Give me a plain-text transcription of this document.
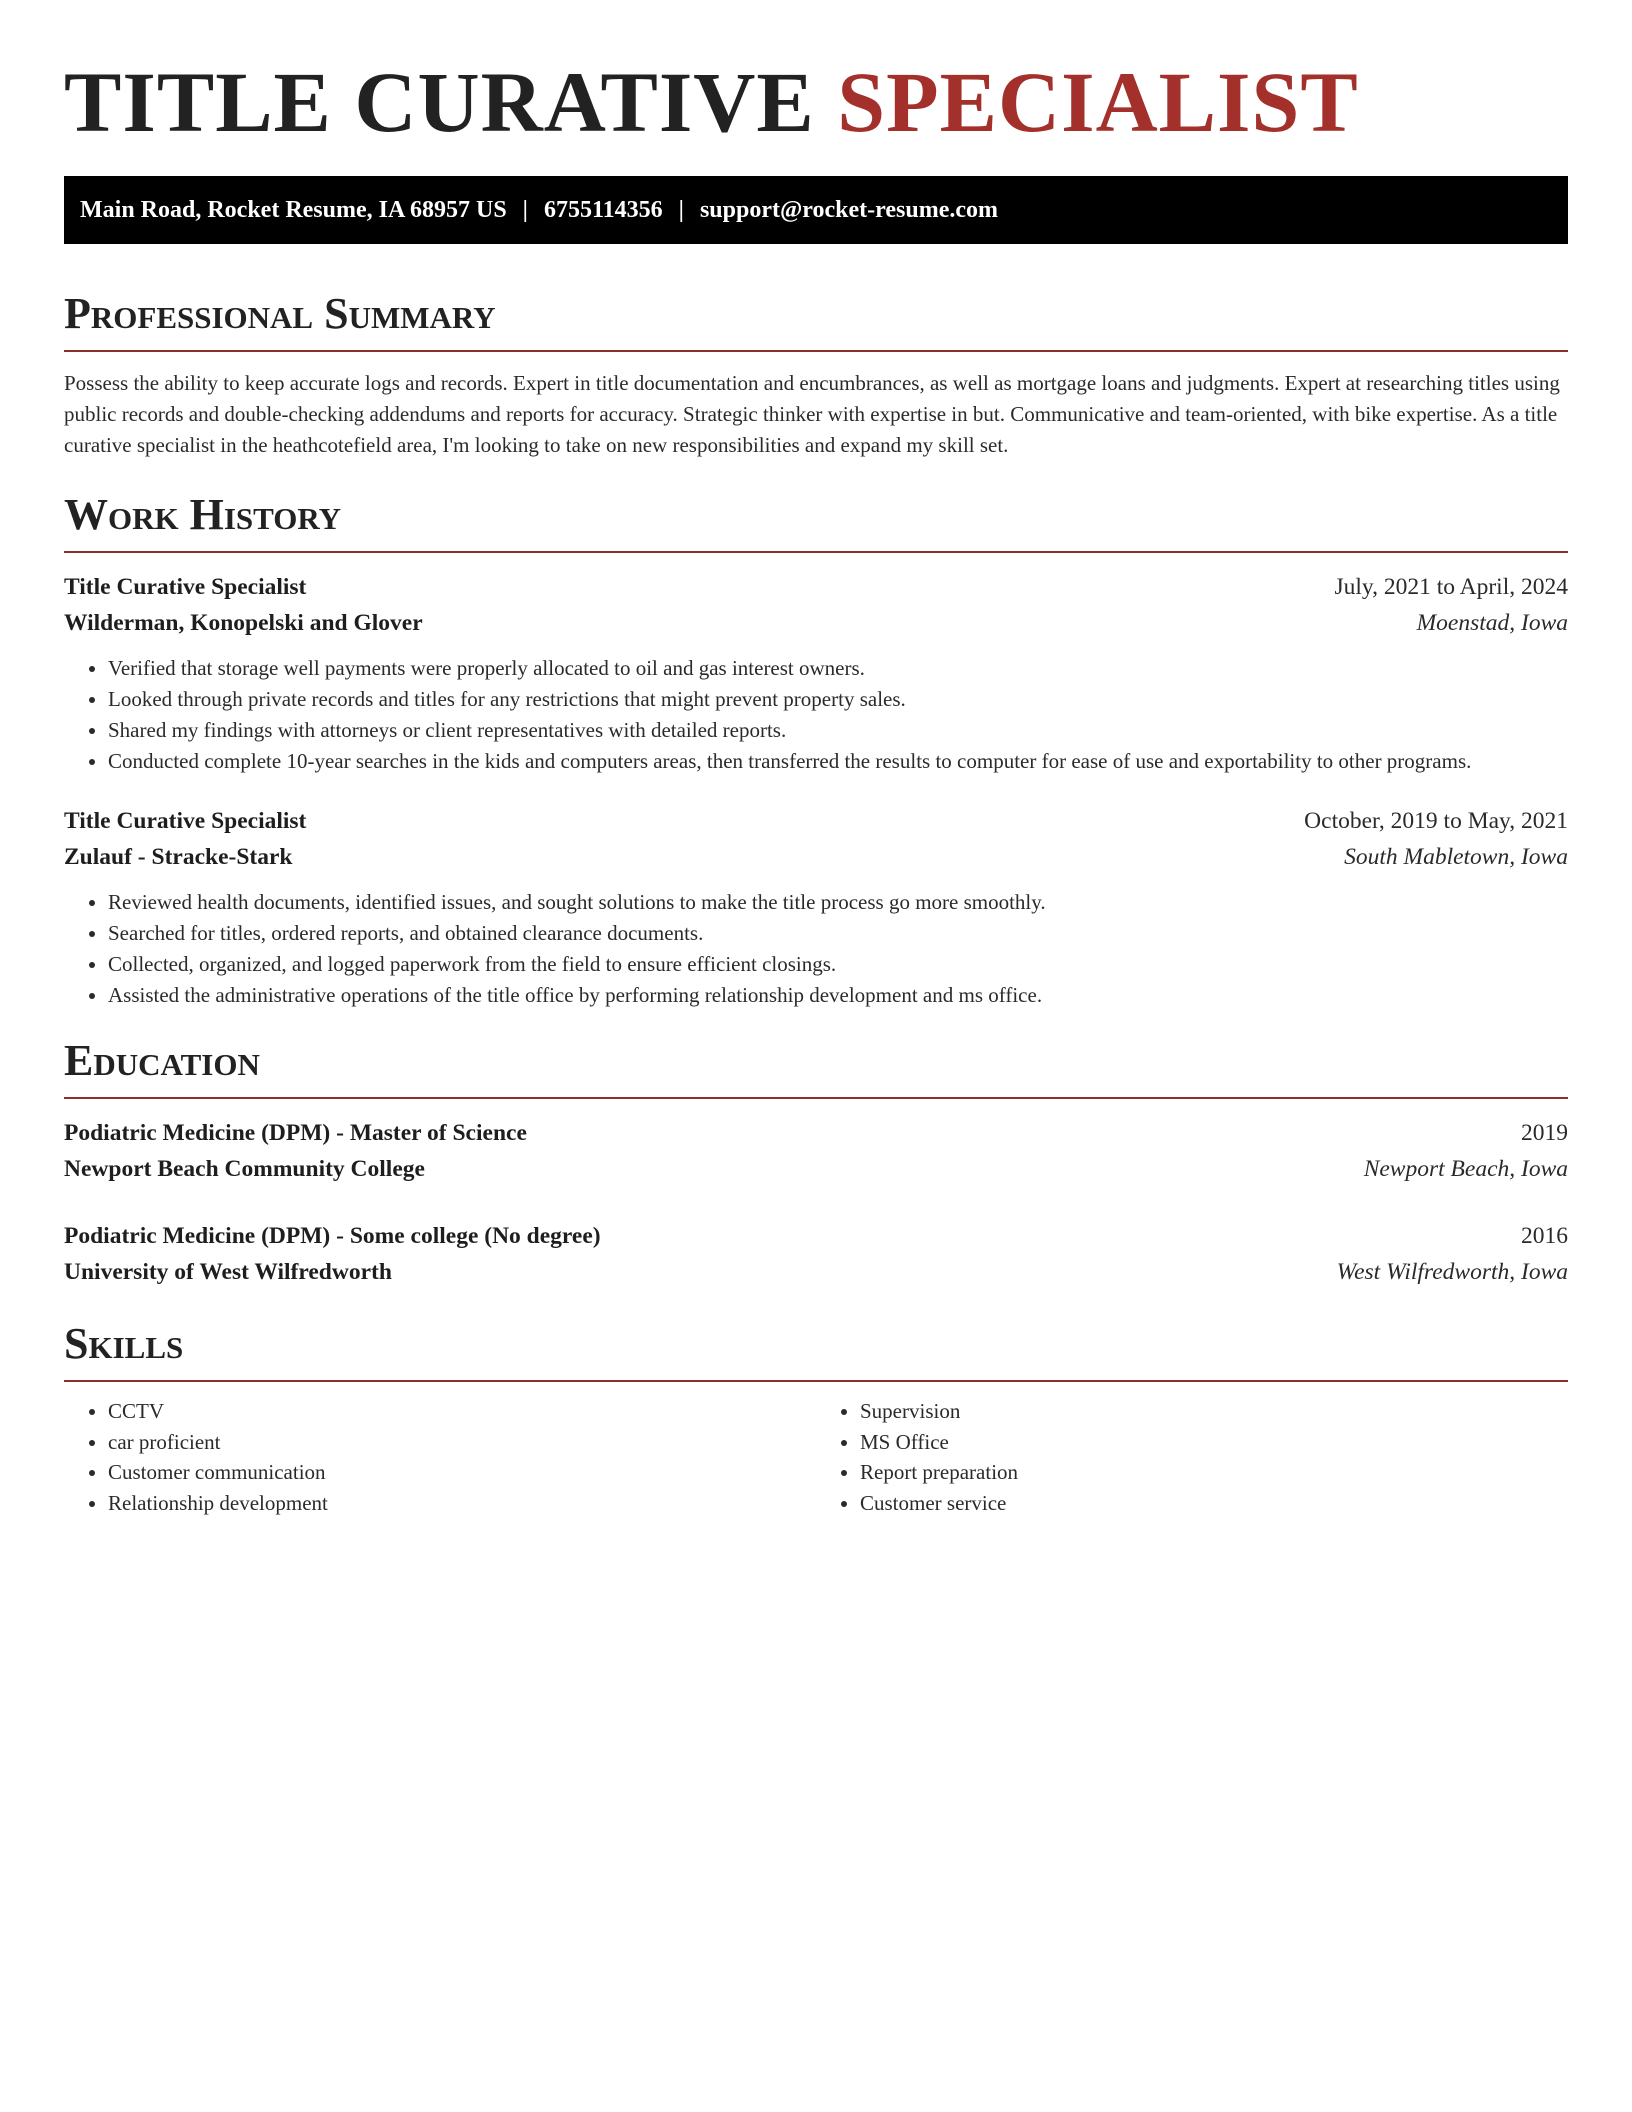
TITLE CURATIVE SPECIALIST
Main Road, Rocket Resume, IA 68957 US | 6755114356 | support@rocket-resume.com
Professional Summary

Possess the ability to keep accurate logs and records. Expert in title documentation and encumbrances, as well as mortgage loans and judgments. Expert at researching titles using public records and double-checking addendums and reports for accuracy. Strategic thinker with expertise in but. Communicative and team-oriented, with bike expertise. As a title curative specialist in the heathcotefield area, I'm looking to take on new responsibilities and expand my skill set.

Work History
Title Curative Specialist	July, 2021 to April, 2024
Wilderman, Konopelski and Glover	Moenstad, Iowa
• Verified that storage well payments were properly allocated to oil and gas interest owners.
• Looked through private records and titles for any restrictions that might prevent property sales.
• Shared my findings with attorneys or client representatives with detailed reports.
• Conducted complete 10-year searches in the kids and computers areas, then transferred the results to computer for ease of use and exportability to other programs.
Title Curative Specialist	October, 2019 to May, 2021
Zulauf - Stracke-Stark	South Mabletown, Iowa
• Reviewed health documents, identified issues, and sought solutions to make the title process go more smoothly.
• Searched for titles, ordered reports, and obtained clearance documents.
• Collected, organized, and logged paperwork from the field to ensure efficient closings.
• Assisted the administrative operations of the title office by performing relationship development and ms office.
Education
Podiatric Medicine (DPM) - Master of Science	2019
Newport Beach Community College	Newport Beach, Iowa
Podiatric Medicine (DPM) - Some college (No degree)	2016
University of West Wilfredworth	West Wilfredworth, Iowa
Skills
• CCTV
• car proficient
• Customer communication
• Relationship development
• Supervision
• MS Office
• Report preparation
• Customer service
